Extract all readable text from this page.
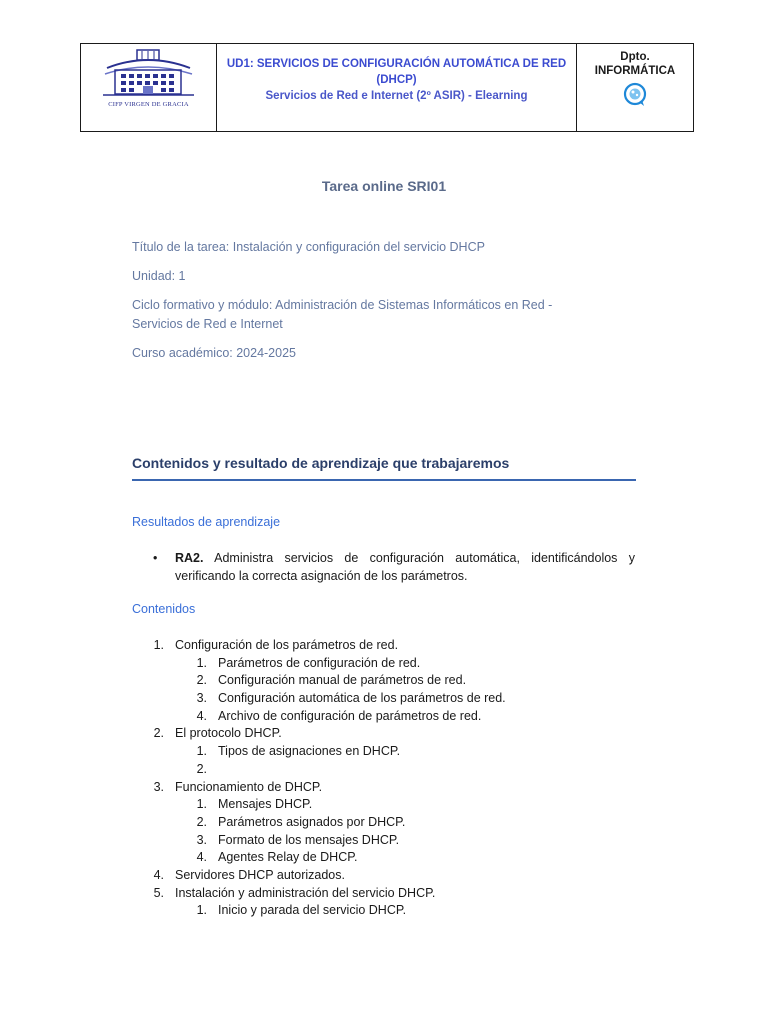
CIFP VIRGEN DE GRACIA
UD1: SERVICIOS DE CONFIGURACIÓN AUTOMÁTICA DE RED
(DHCP)
Servicios de Red e Internet (2º ASIR) - Elearning
Dpto.
INFORMÁTICA
Tarea online SRI01
Título de la tarea: Instalación y configuración del servicio DHCP
Unidad: 1
Ciclo formativo y módulo: Administración de Sistemas Informáticos en Red -
Servicios de Red e Internet
Curso académico: 2024-2025
Contenidos y resultado de aprendizaje que trabajaremos
Resultados de aprendizaje
• RA2. Administra servicios de configuración automática, identificándolos y verificando la correcta asignación de los parámetros.
Contenidos
1. Configuración de los parámetros de red.
1. Parámetros de configuración de red.
2. Configuración manual de parámetros de red.
3. Configuración automática de los parámetros de red.
4. Archivo de configuración de parámetros de red.
2. El protocolo DHCP.
1. Tipos de asignaciones en DHCP.
2.
3. Funcionamiento de DHCP.
1. Mensajes DHCP.
2. Parámetros asignados por DHCP.
3. Formato de los mensajes DHCP.
4. Agentes Relay de DHCP.
4. Servidores DHCP autorizados.
5. Instalación y administración del servicio DHCP.
1. Inicio y parada del servicio DHCP.
